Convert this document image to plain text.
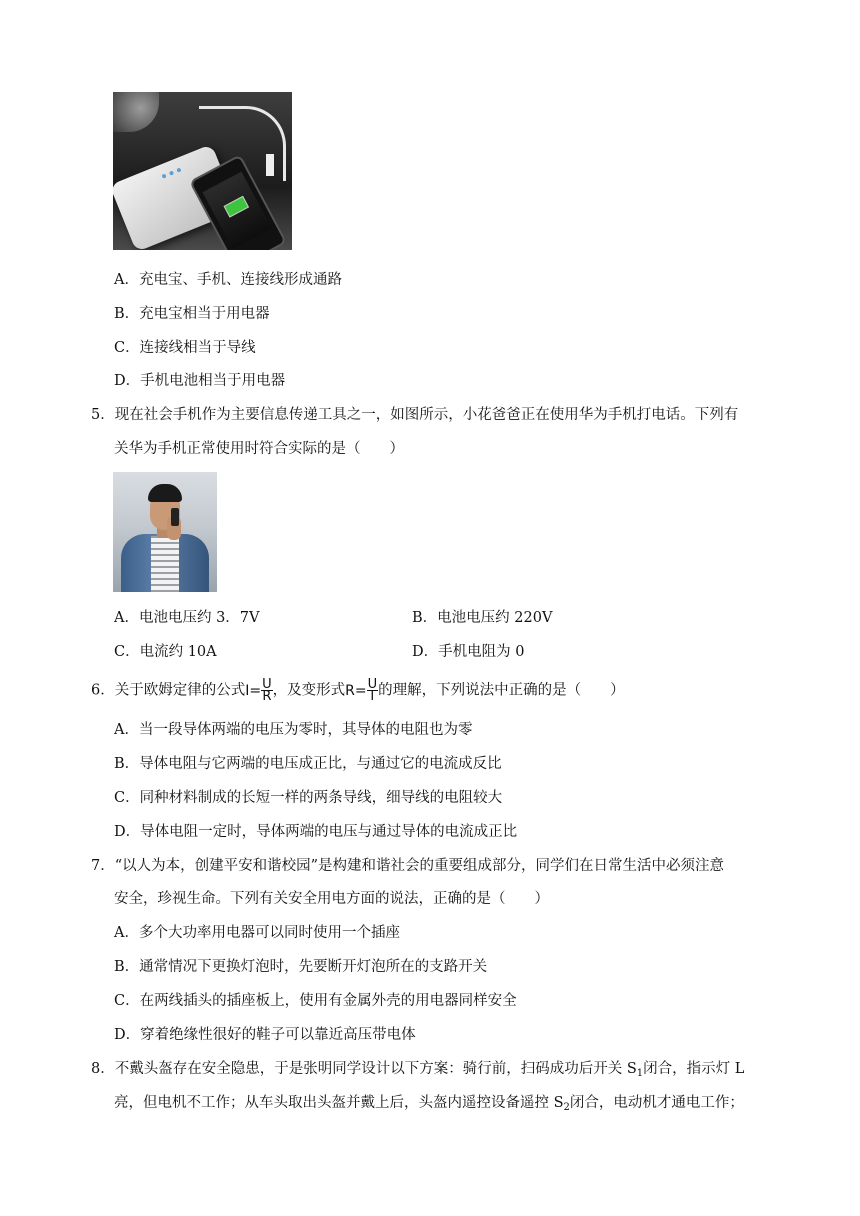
A．充电宝、手机、连接线形成通路
B．充电宝相当于用电器
C．连接线相当于导线
D．手机电池相当于用电器
5．现在社会手机作为主要信息传递工具之一，如图所示，小花爸爸正在使用华为手机打电话。下列有
关华为手机正常使用时符合实际的是（　　）
A．电池电压约 3．7V	B．电池电压约 220V
C．电流约 10A	D．手机电阻为 0
6．关于欧姆定律的公式$I= \frac{U}{R}$ ，及变形式$R= \frac{U}{I}$ 的理解，下列说法中正确的是（　　）
A．当一段导体两端的电压为零时，其导体的电阻也为零
B．导体电阻与它两端的电压成正比，与通过它的电流成反比
C．同种材料制成的长短一样的两条导线，细导线的电阻较大
D．导体电阻一定时，导体两端的电压与通过导体的电流成正比
7．“以人为本，创建平安和谐校园”是构建和谐社会的重要组成部分，同学们在日常生活中必须注意
安全，珍视生命。下列有关安全用电方面的说法，正确的是（　　）
A．多个大功率用电器可以同时使用一个插座
B．通常情况下更换灯泡时，先要断开灯泡所在的支路开关
C．在两线插头的插座板上，使用有金属外壳的用电器同样安全
D．穿着绝缘性很好的鞋子可以靠近高压带电体
8．不戴头盔存在安全隐患，于是张明同学设计以下方案：骑行前，扫码成功后开关 $S_1$闭合，指示灯 L
亮，但电机不工作；从车头取出头盔并戴上后，头盔内遥控设备遥控 $S_2$闭合，电动机才通电工作；
